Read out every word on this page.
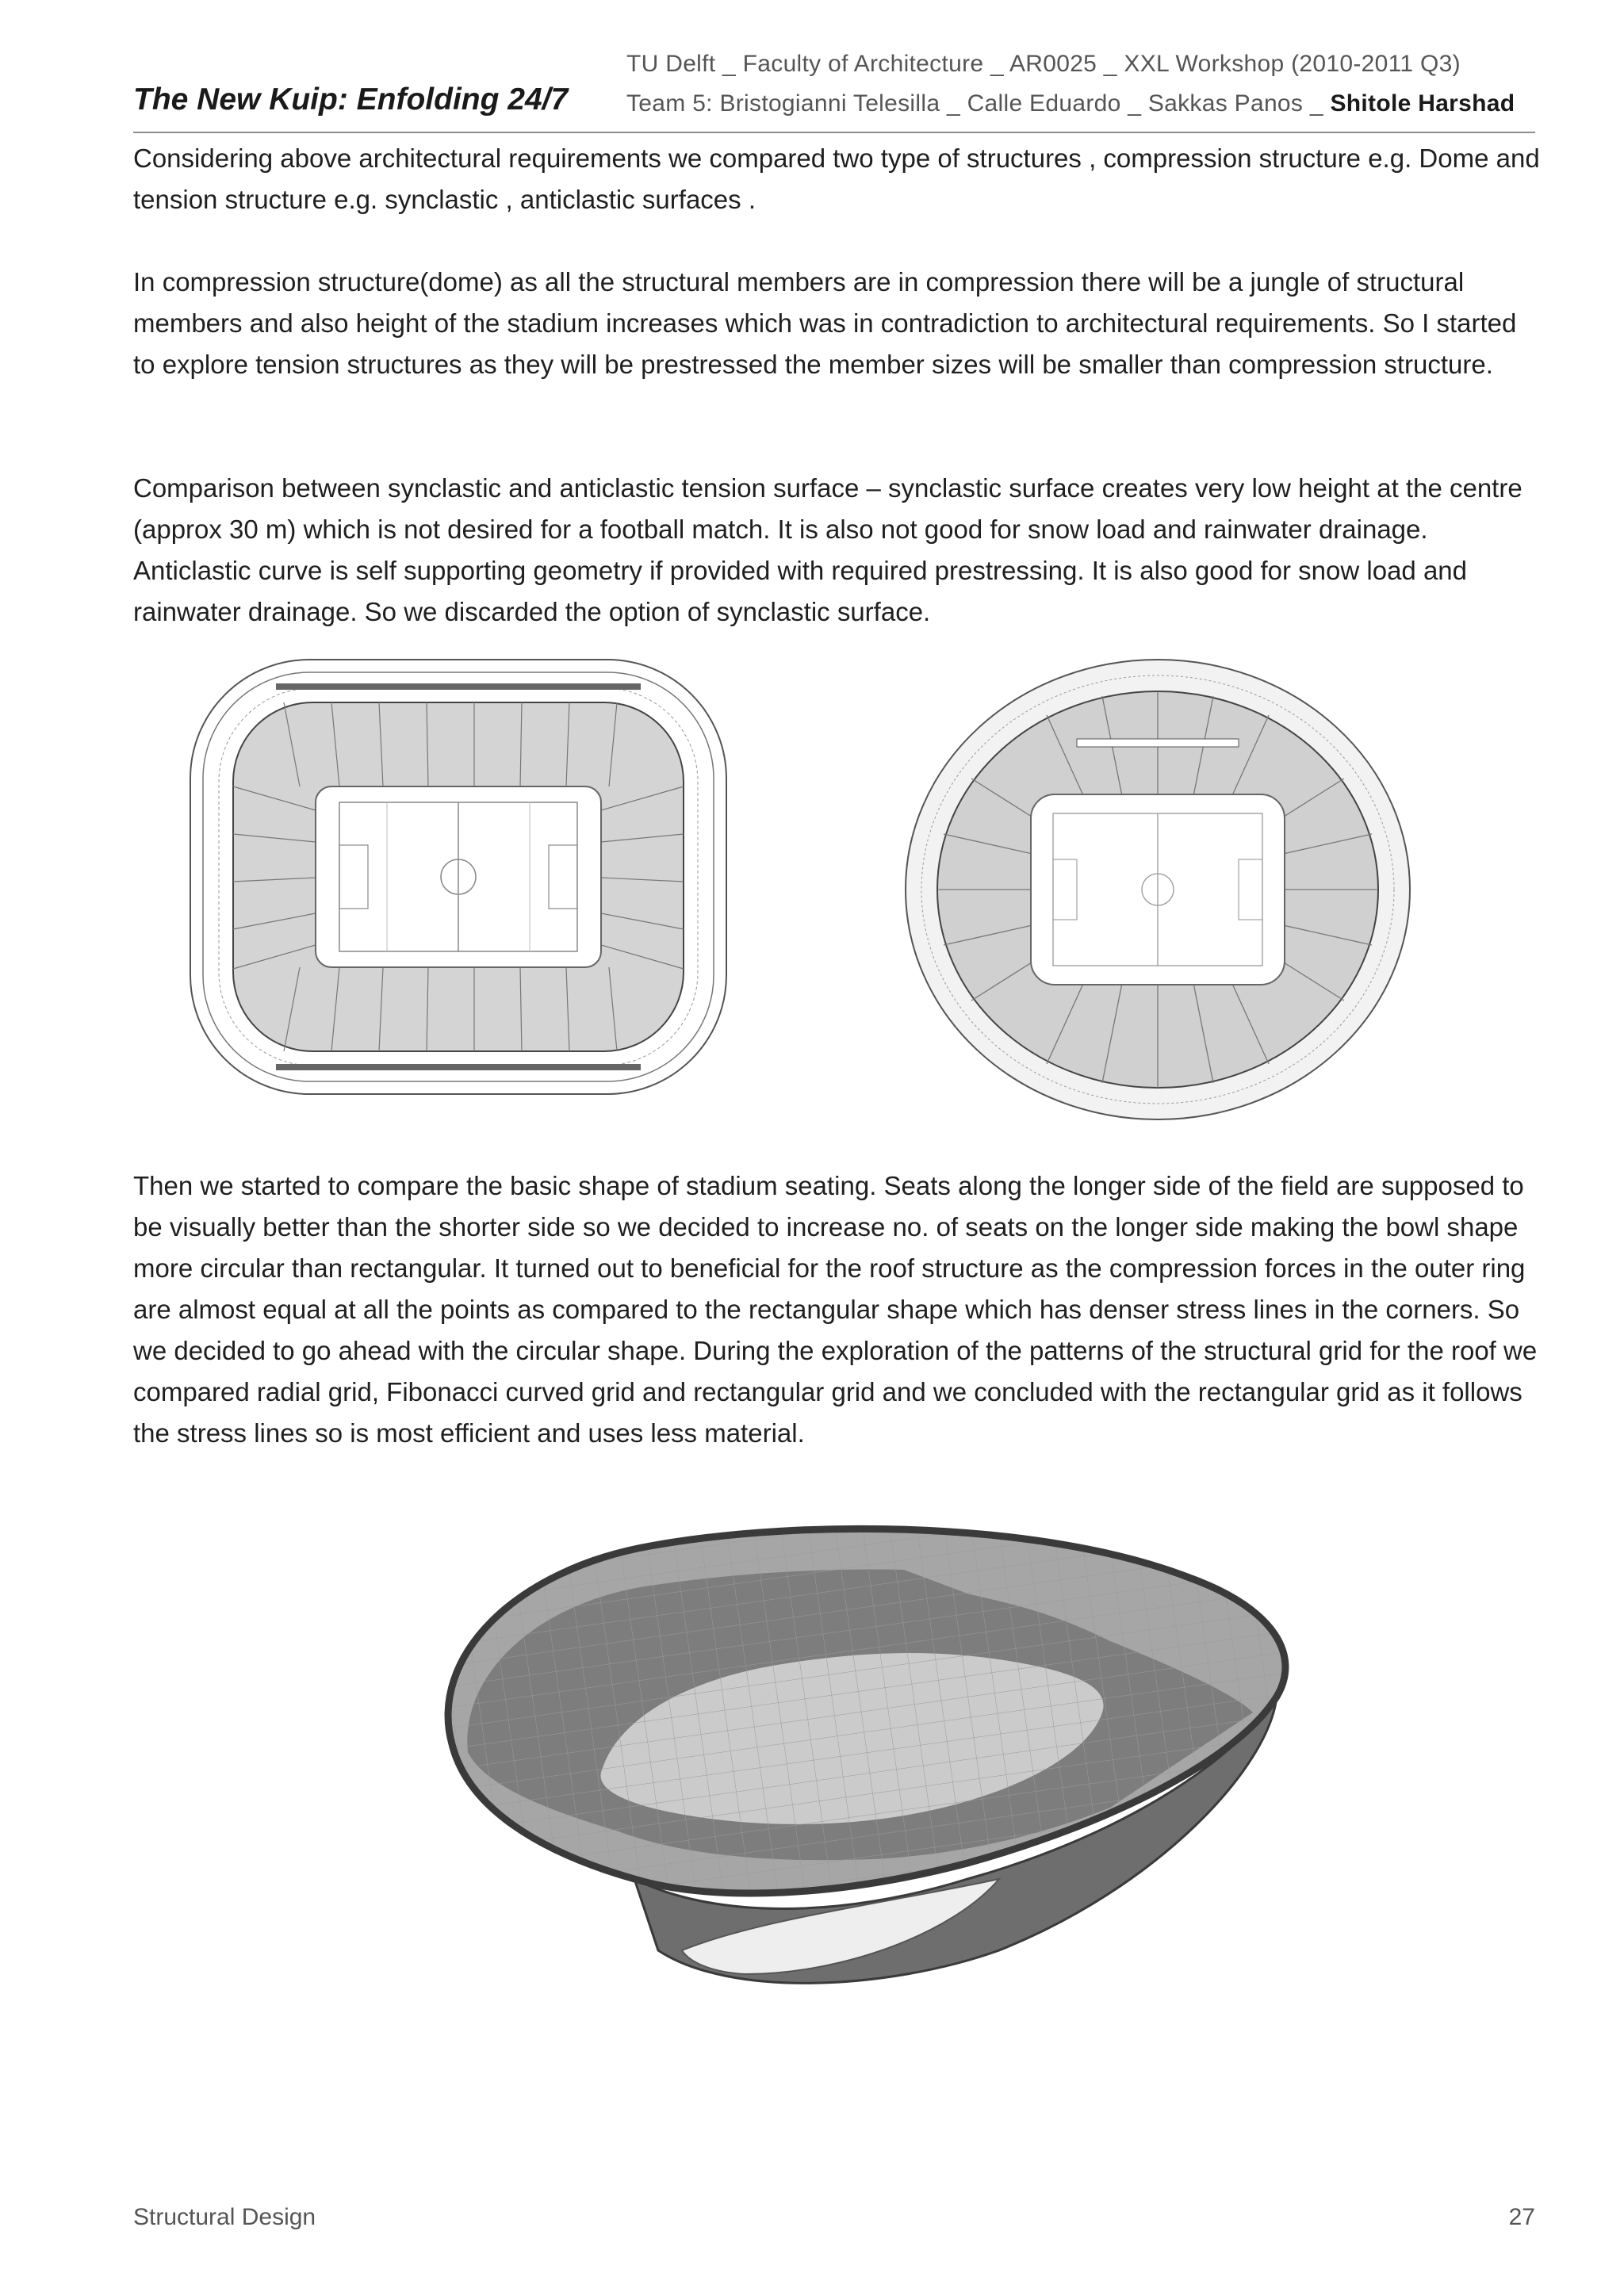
The New Kuip: Enfolding 24/7
TU Delft _ Faculty of Architecture _ AR0025 _ XXL Workshop (2010-2011 Q3)
Team 5: Bristogianni Telesilla _ Calle Eduardo _ Sakkas Panos _ Shitole Harshad

Considering above architectural requirements we compared two type of structures , compression structure e.g. Dome and tension structure e.g. synclastic , anticlastic surfaces .

In compression structure(dome) as all the structural members are in compression there will be a jungle of structural members and also height of the stadium increases which was in contradiction to architectural requirements. So I started to explore tension structures as they will be prestressed the member sizes will be smaller than compression structure.

Comparison between synclastic and anticlastic tension surface – synclastic surface creates very low height at the centre (approx 30 m) which is not desired for a football match. It is also not good for snow load and rainwater drainage. Anticlastic curve is self supporting geometry if provided with required prestressing. It is also good for snow load and rainwater drainage. So we discarded the option of synclastic surface.

Then we started to compare the basic shape of stadium seating. Seats along the longer side of the field are supposed to be visually better than the shorter side so we decided to increase no. of seats on the longer side making the bowl shape more circular than rectangular. It turned out to beneficial for the roof structure as the compression forces in the outer ring are almost equal at all the points as compared to the rectangular shape which has denser stress lines in the corners. So we decided to go ahead with the circular shape. During the exploration of the patterns of the structural grid for the roof we compared radial grid, Fibonacci curved grid and rectangular grid and we concluded with the rectangular grid as it follows the stress lines so is most efficient and uses less material.

Structural Design	27
